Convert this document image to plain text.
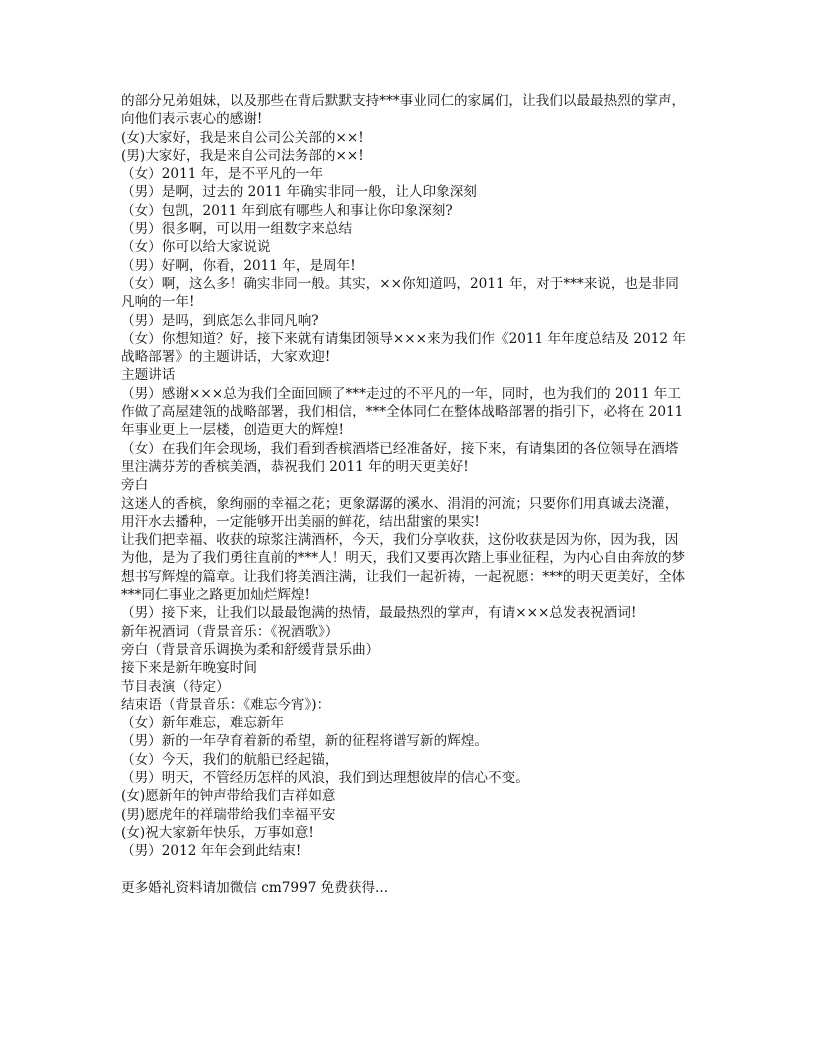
的部分兄弟姐妹，以及那些在背后默默支持***事业同仁的家属们，让我们以最最热烈的掌声，
向他们表示衷心的感谢!
(女)大家好，我是来自公司公关部的××!
(男)大家好，我是来自公司法务部的××!
（女）2011 年，是不平凡的一年
（男）是啊，过去的 2011 年确实非同一般，让人印象深刻
（女）包凯，2011 年到底有哪些人和事让你印象深刻?
（男）很多啊，可以用一组数字来总结
（女）你可以给大家说说
（男）好啊，你看，2011 年，是周年!
（女）啊，这么多！确实非同一般。其实，××你知道吗，2011 年，对于***来说，也是非同
凡响的一年!
（男）是吗，到底怎么非同凡响?
（女）你想知道？好，接下来就有请集团领导×××来为我们作《2011 年年度总结及 2012 年
战略部署》的主题讲话，大家欢迎!
主题讲话
（男）感谢×××总为我们全面回顾了***走过的不平凡的一年，同时，也为我们的 2011 年工
作做了高屋建瓴的战略部署，我们相信，***全体同仁在整体战略部署的指引下，必将在 2011
年事业更上一层楼，创造更大的辉煌!
（女）在我们年会现场，我们看到香槟酒塔已经准备好，接下来，有请集团的各位领导在酒塔
里注满芬芳的香槟美酒，恭祝我们 2011 年的明天更美好!
旁白
这迷人的香槟，象绚丽的幸福之花；更象潺潺的溪水、涓涓的河流；只要你们用真诚去浇灌，
用汗水去播种，一定能够开出美丽的鲜花，结出甜蜜的果实!
让我们把幸福、收获的琼浆注满酒杯，今天，我们分享收获，这份收获是因为你，因为我，因
为他，是为了我们勇往直前的***人！明天，我们又要再次踏上事业征程，为内心自由奔放的梦
想书写辉煌的篇章。让我们将美酒注满，让我们一起祈祷，一起祝愿：***的明天更美好，全体
***同仁事业之路更加灿烂辉煌!
（男）接下来，让我们以最最饱满的热情，最最热烈的掌声，有请×××总发表祝酒词!
新年祝酒词（背景音乐：《祝酒歌》）
旁白（背景音乐调换为柔和舒缓背景乐曲）
接下来是新年晚宴时间
节目表演（待定）
结束语（背景音乐：《难忘今宵》)：
（女）新年难忘，难忘新年
（男）新的一年孕育着新的希望，新的征程将谱写新的辉煌。
（女）今天，我们的航船已经起锚，
（男）明天，不管经历怎样的风浪，我们到达理想彼岸的信心不变。
(女)愿新年的钟声带给我们吉祥如意
(男)愿虎年的祥瑞带给我们幸福平安
(女)祝大家新年快乐，万事如意!
（男）2012 年年会到此结束!
更多婚礼资料请加微信 cm7997 免费获得...
